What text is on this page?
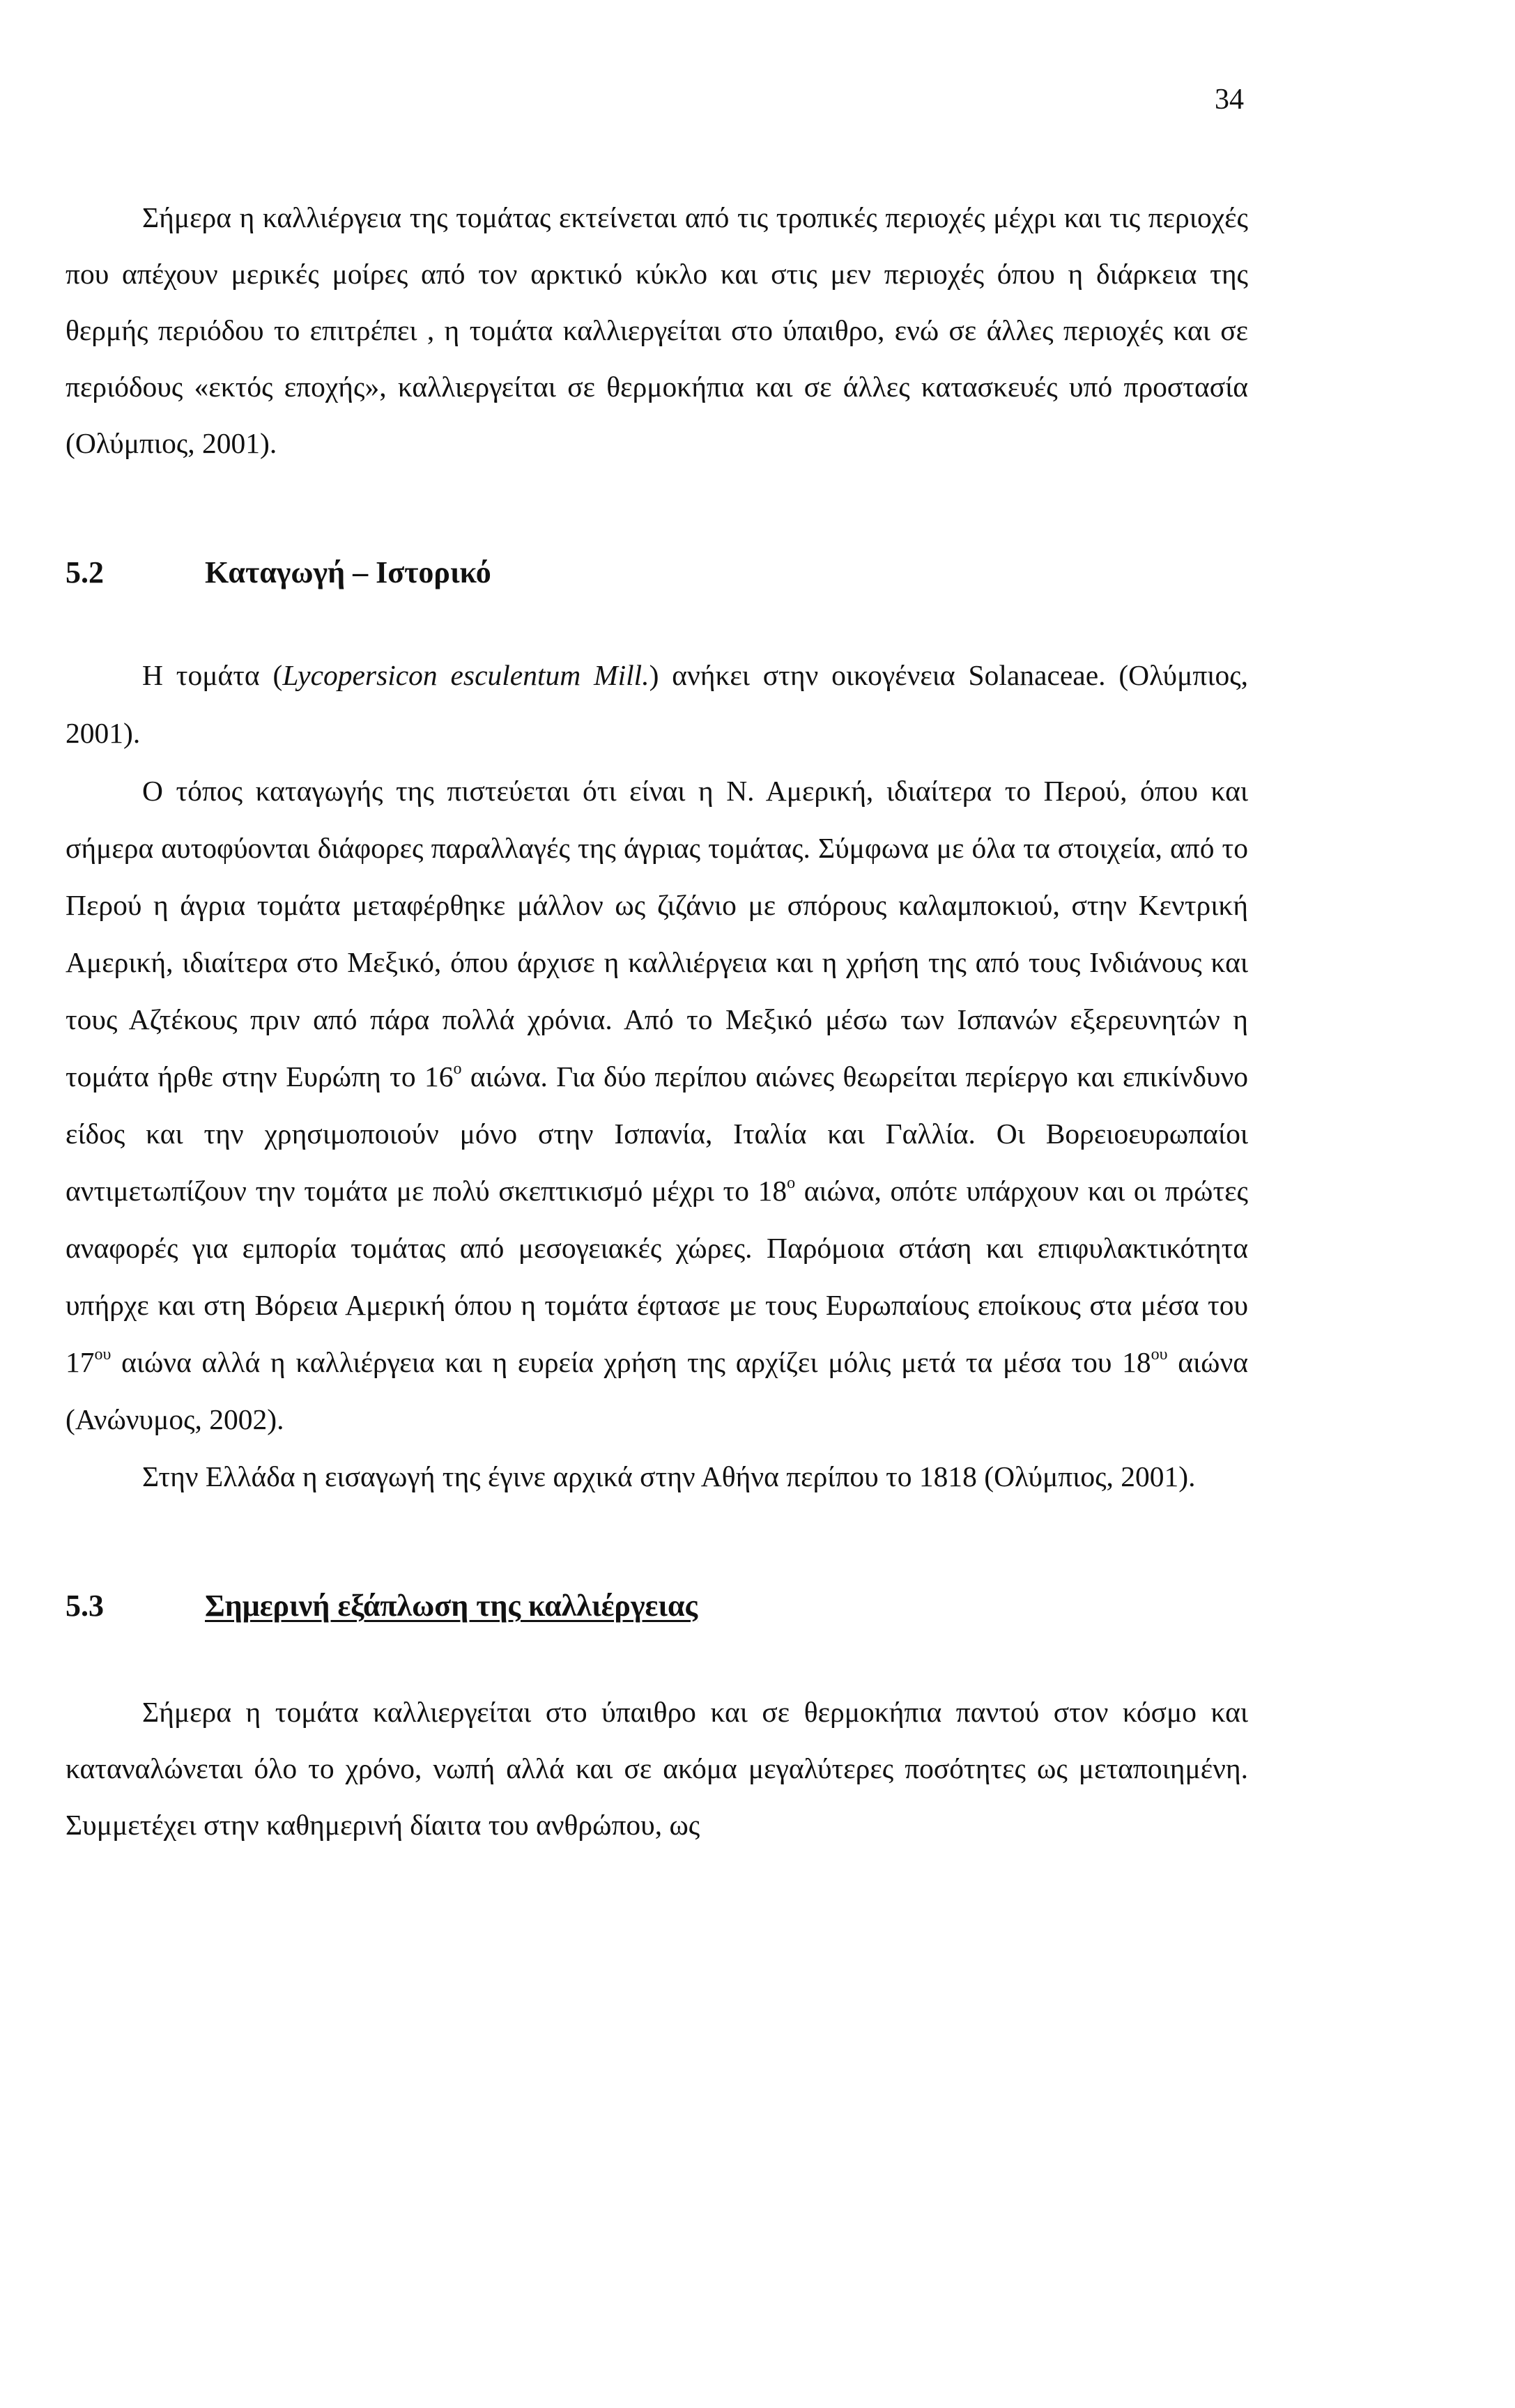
34

Σήμερα η καλλιέργεια της τομάτας εκτείνεται από τις τροπικές περιοχές μέχρι και τις περιοχές που απέχουν μερικές μοίρες από τον αρκτικό κύκλο και στις μεν περιοχές όπου η διάρκεια της θερμής περιόδου το επιτρέπει , η τομάτα καλλιεργείται στο ύπαιθρο, ενώ σε άλλες περιοχές και σε περιόδους «εκτός εποχής», καλλιεργείται σε θερμοκήπια και σε άλλες κατασκευές υπό προστασία (Ολύμπιος, 2001).

5.2	Καταγωγή – Ιστορικό

Η τομάτα (Lycopersicon esculentum Mill.) ανήκει στην οικογένεια Solanaceae. (Ολύμπιος, 2001).

Ο τόπος καταγωγής της πιστεύεται ότι είναι η Ν. Αμερική, ιδιαίτερα το Περού, όπου και σήμερα αυτοφύονται διάφορες παραλλαγές της άγριας τομάτας. Σύμφωνα με όλα τα στοιχεία, από το Περού η άγρια τομάτα μεταφέρθηκε μάλλον ως ζιζάνιο με σπόρους καλαμποκιού, στην Κεντρική Αμερική, ιδιαίτερα στο Μεξικό, όπου άρχισε η καλλιέργεια και η χρήση της από τους Ινδιάνους και τους Αζτέκους πριν από πάρα πολλά χρόνια. Από το Μεξικό μέσω των Ισπανών εξερευνητών η τομάτα ήρθε στην Ευρώπη το $16^o$ αιώνα. Για δύο περίπου αιώνες θεωρείται περίεργο και επικίνδυνο είδος και την χρησιμοποιούν μόνο στην Ισπανία, Ιταλία και Γαλλία. Οι Βορειοευρωπαίοι αντιμετωπίζουν την τομάτα με πολύ σκεπτικισμό μέχρι το $18^o$ αιώνα, οπότε υπάρχουν και οι πρώτες αναφορές για εμπορία τομάτας από μεσογειακές χώρες. Παρόμοια στάση και επιφυλακτικότητα υπήρχε και στη Βόρεια Αμερική όπου η τομάτα έφτασε με τους Ευρωπαίους εποίκους στα μέσα του $17^{o\upsilon}$ αιώνα αλλά η καλλιέργεια και η ευρεία χρήση της αρχίζει μόλις μετά τα μέσα του $18^{o\upsilon}$ αιώνα (Ανώνυμος, 2002).

Στην Ελλάδα η εισαγωγή της έγινε αρχικά στην Αθήνα περίπου το 1818 (Ολύμπιος, 2001).

5.3	Σημερινή εξάπλωση της καλλιέργειας

Σήμερα η τομάτα καλλιεργείται στο ύπαιθρο και σε θερμοκήπια παντού στον κόσμο και καταναλώνεται όλο το χρόνο, νωπή αλλά και σε ακόμα μεγαλύτερες ποσότητες ως μεταποιημένη. Συμμετέχει στην καθημερινή δίαιτα του ανθρώπου, ως
